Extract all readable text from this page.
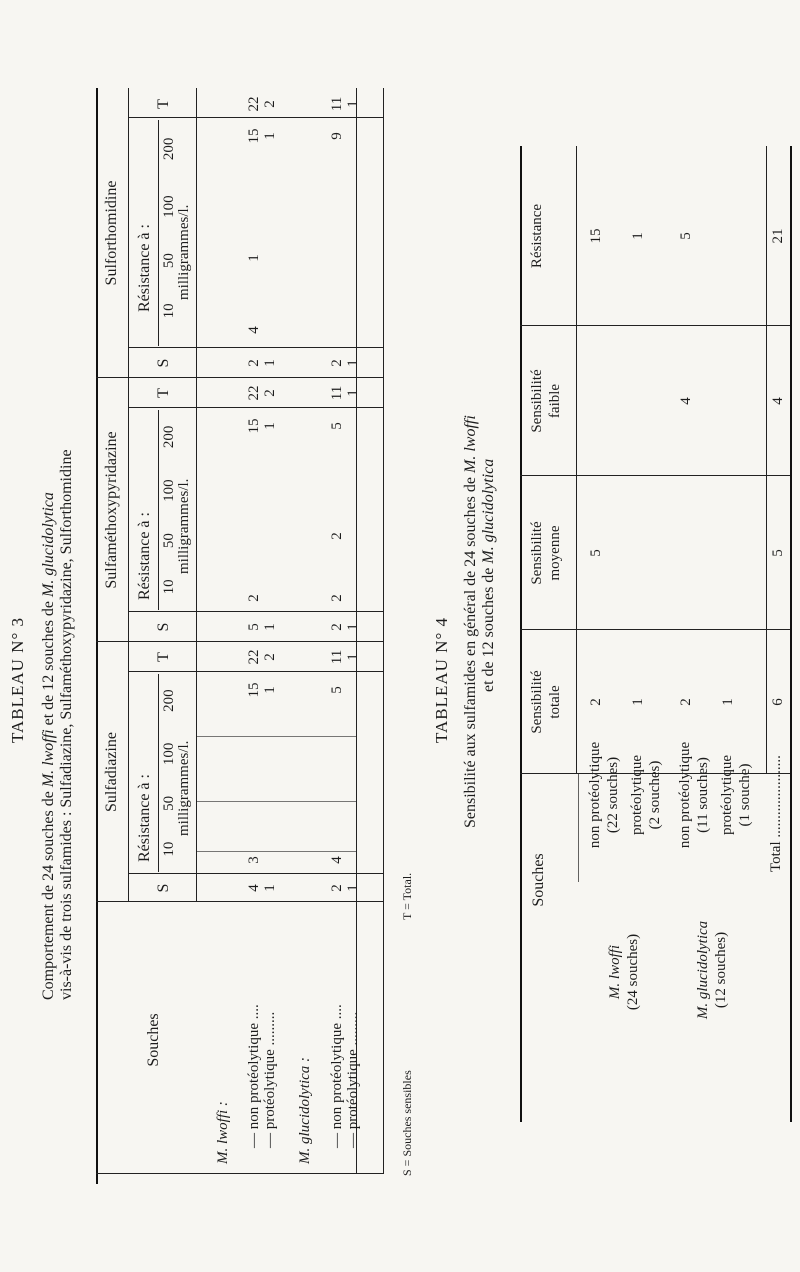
TABLEAU N° 3
Comportement de 24 souches de M. lwoffi et de 12 souches de M. glucidolytica vis-à-vis de trois sulfamides : Sulfadiazine, Sulfaméthoxypyridazine, Sulforthomidine
Souches
Sulfadiazine
Sulfaméthoxypyridazine
Sulforthomidine
S
Résistance à : 10
50
100
200
milligrammes/l.
T
S
Résistance à : 10
50
100
200
milligrammes/l.
T
S
Résistance à : 10
50
100
200
milligrammes/l.
T
M. lwoffi : — non protéolytique .... — protéolytique ......... M. glucidolytica : — non protéolytique .... — protéolytique .........
4
3
15
22
5
2
15
22
2
4
1
15
22
1
1
2
1
1
2
1
1
2
2
4
5
11
2
2
2
5
11
2
9
11
1
1
1
1
1
1
S = Souches sensibles
T = Total.
TABLEAU N° 4 Sensibilité aux sulfamides en général de 24 souches de M. lwoffi
et de 12 souches de M. glucidolytica
Souches
Sensibilité totale
Sensibilité moyenne
Sensibilité faible
Résistance
M. lwoffi (24 souches)	M. glucidolytica (12 souches)
non protéolytique (22 souches) protéolytique (2 souches) non protéolytique (11 souches) protéolytique (1 souche) Total ......................
2
5
15
1
1
2
4
5
1 6
5
4
21
